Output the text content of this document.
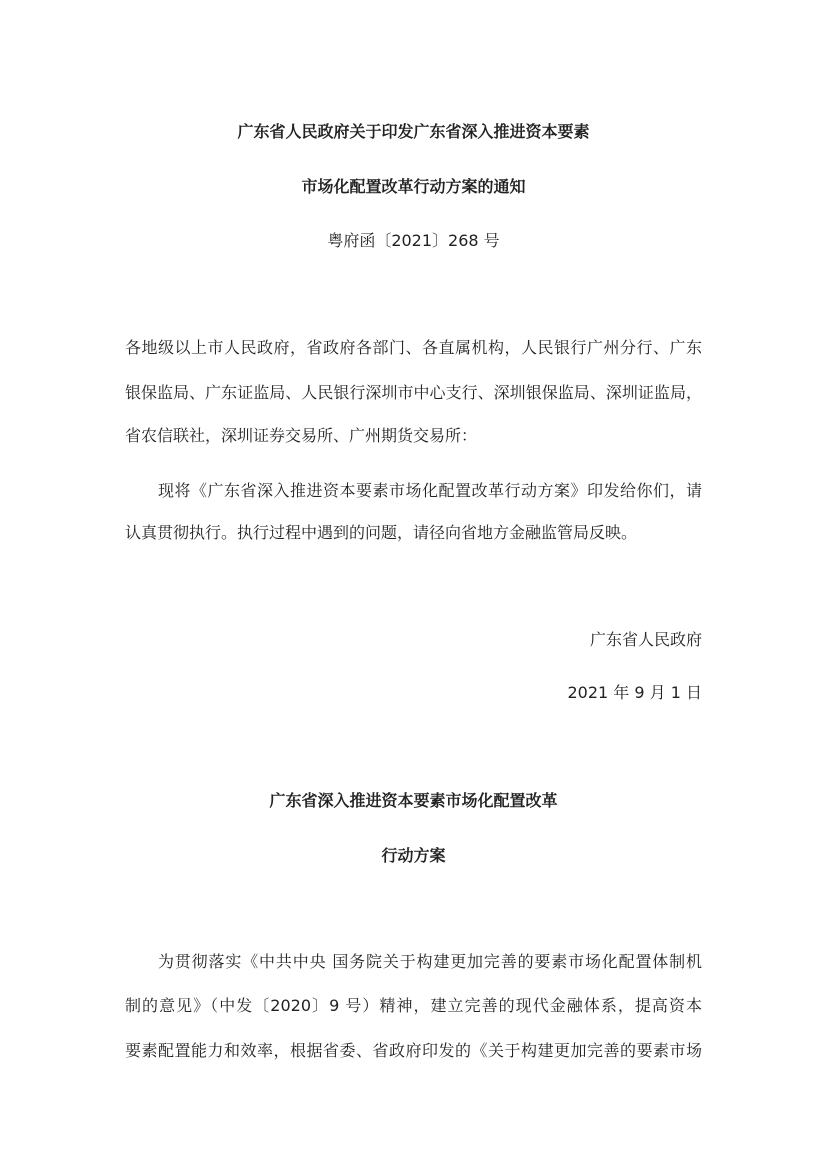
广东省人民政府关于印发广东省深入推进资本要素
市场化配置改革行动方案的通知
粤府函〔2021〕268 号
各地级以上市人民政府，省政府各部门、各直属机构，人民银行广州分行、广东
银保监局、广东证监局、人民银行深圳市中心支行、深圳银保监局、深圳证监局，
省农信联社，深圳证券交易所、广州期货交易所：
现将《广东省深入推进资本要素市场化配置改革行动方案》印发给你们，请
认真贯彻执行。执行过程中遇到的问题，请径向省地方金融监管局反映。
广东省人民政府
2021 年 9 月 1 日
广东省深入推进资本要素市场化配置改革
行动方案
为贯彻落实《中共中央 国务院关于构建更加完善的要素市场化配置体制机
制的意见》（中发〔2020〕9 号）精神，建立完善的现代金融体系，提高资本
要素配置能力和效率，根据省委、省政府印发的《关于构建更加完善的要素市场
